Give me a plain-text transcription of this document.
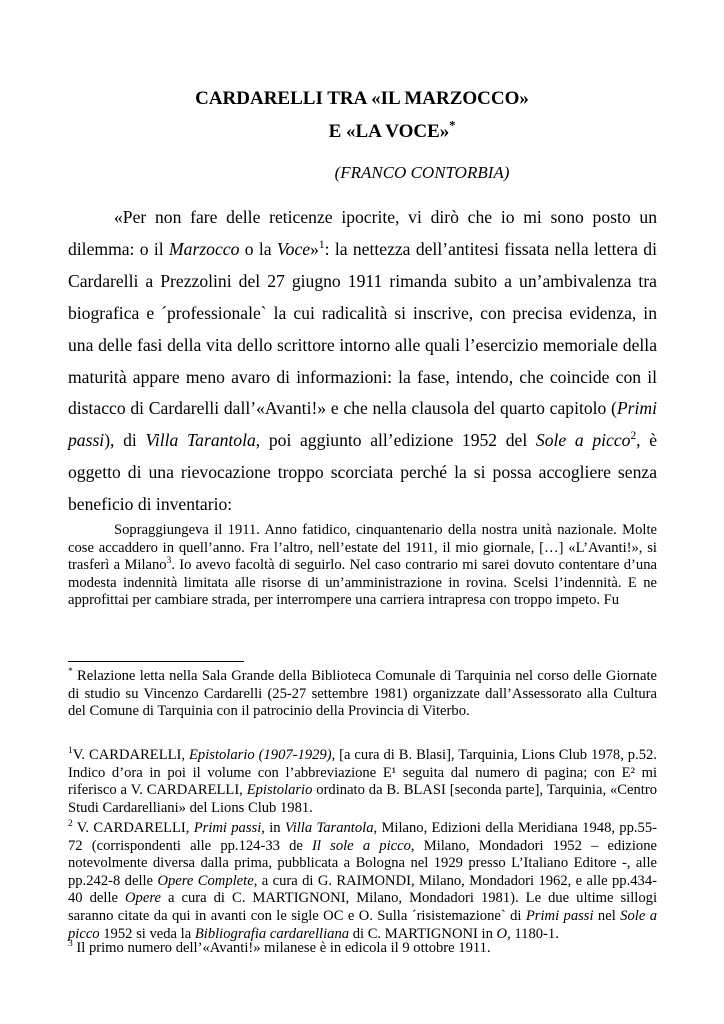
CARDARELLI TRA «IL MARZOCCO»
E «LA VOCE»*
(FRANCO CONTORBIA)

«Per non fare delle reticenze ipocrite, vi dirò che io mi sono posto un dilemma: o il Marzocco o la Voce»$^1$: la nettezza dell’antitesi fissata nella lettera di Cardarelli a Prezzolini del 27 giugno 1911 rimanda subito a un’ambivalenza tra biografica e ´professionale` la cui radicalità si inscrive, con precisa evidenza, in una delle fasi della vita dello scrittore intorno alle quali l’esercizio memoriale della maturità appare meno avaro di informazioni: la fase, intendo, che coincide con il distacco di Cardarelli dall’«Avanti!» e che nella clausola del quarto capitolo (Primi passi), di Villa Tarantola, poi aggiunto all’edizione 1952 del Sole a picco$^2$, è oggetto di una rievocazione troppo scorciata perché la si possa accogliere senza beneficio di inventario:

Sopraggiungeva il 1911. Anno fatidico, cinquantenario della nostra unità nazionale. Molte cose accaddero in quell’anno. Fra l’altro, nell’estate del 1911, il mio giornale, […] «L’Avanti!», si trasferì a Milano$^3$. Io avevo facoltà di seguirlo. Nel caso contrario mi sarei dovuto contentare d’una modesta indennità limitata alle risorse di un’amministrazione in rovina. Scelsi l’indennità. E ne approfittai per cambiare strada, per interrompere una carriera intrapresa con troppo impeto. Fu

* Relazione letta nella Sala Grande della Biblioteca Comunale di Tarquinia nel corso delle Giornate di studio su Vincenzo Cardarelli (25-27 settembre 1981) organizzate dall’Assessorato alla Cultura del Comune di Tarquinia con il patrocinio della Provincia di Viterbo.

$^1$V. CARDARELLI, Epistolario (1907-1929), [a cura di B. Blasi], Tarquinia, Lions Club 1978, p.52. Indico d’ora in poi il volume con l’abbreviazione E¹ seguita dal numero di pagina; con E² mi riferisco a V. CARDARELLI, Epistolario ordinato da B. BLASI [seconda parte], Tarquinia, «Centro Studi Cardarelliani» del Lions Club 1981.

$^2$ V. CARDARELLI, Primi passi, in Villa Tarantola, Milano, Edizioni della Meridiana 1948, pp.55-72 (corrispondenti alle pp.124-33 de Il sole a picco, Milano, Mondadori 1952 – edizione notevolmente diversa dalla prima, pubblicata a Bologna nel 1929 presso L’Italiano Editore -, alle pp.242-8 delle Opere Complete, a cura di G. RAIMONDI, Milano, Mondadori 1962, e alle pp.434-40 delle Opere a cura di C. MARTIGNONI, Milano, Mondadori 1981). Le due ultime sillogi saranno citate da qui in avanti con le sigle OC e O. Sulla ´risistemazione` di Primi passi nel Sole a picco 1952 si veda la Bibliografia cardarelliana di C. MARTIGNONI in O, 1180-1.

$^3$ Il primo numero dell’«Avanti!» milanese è in edicola il 9 ottobre 1911.
